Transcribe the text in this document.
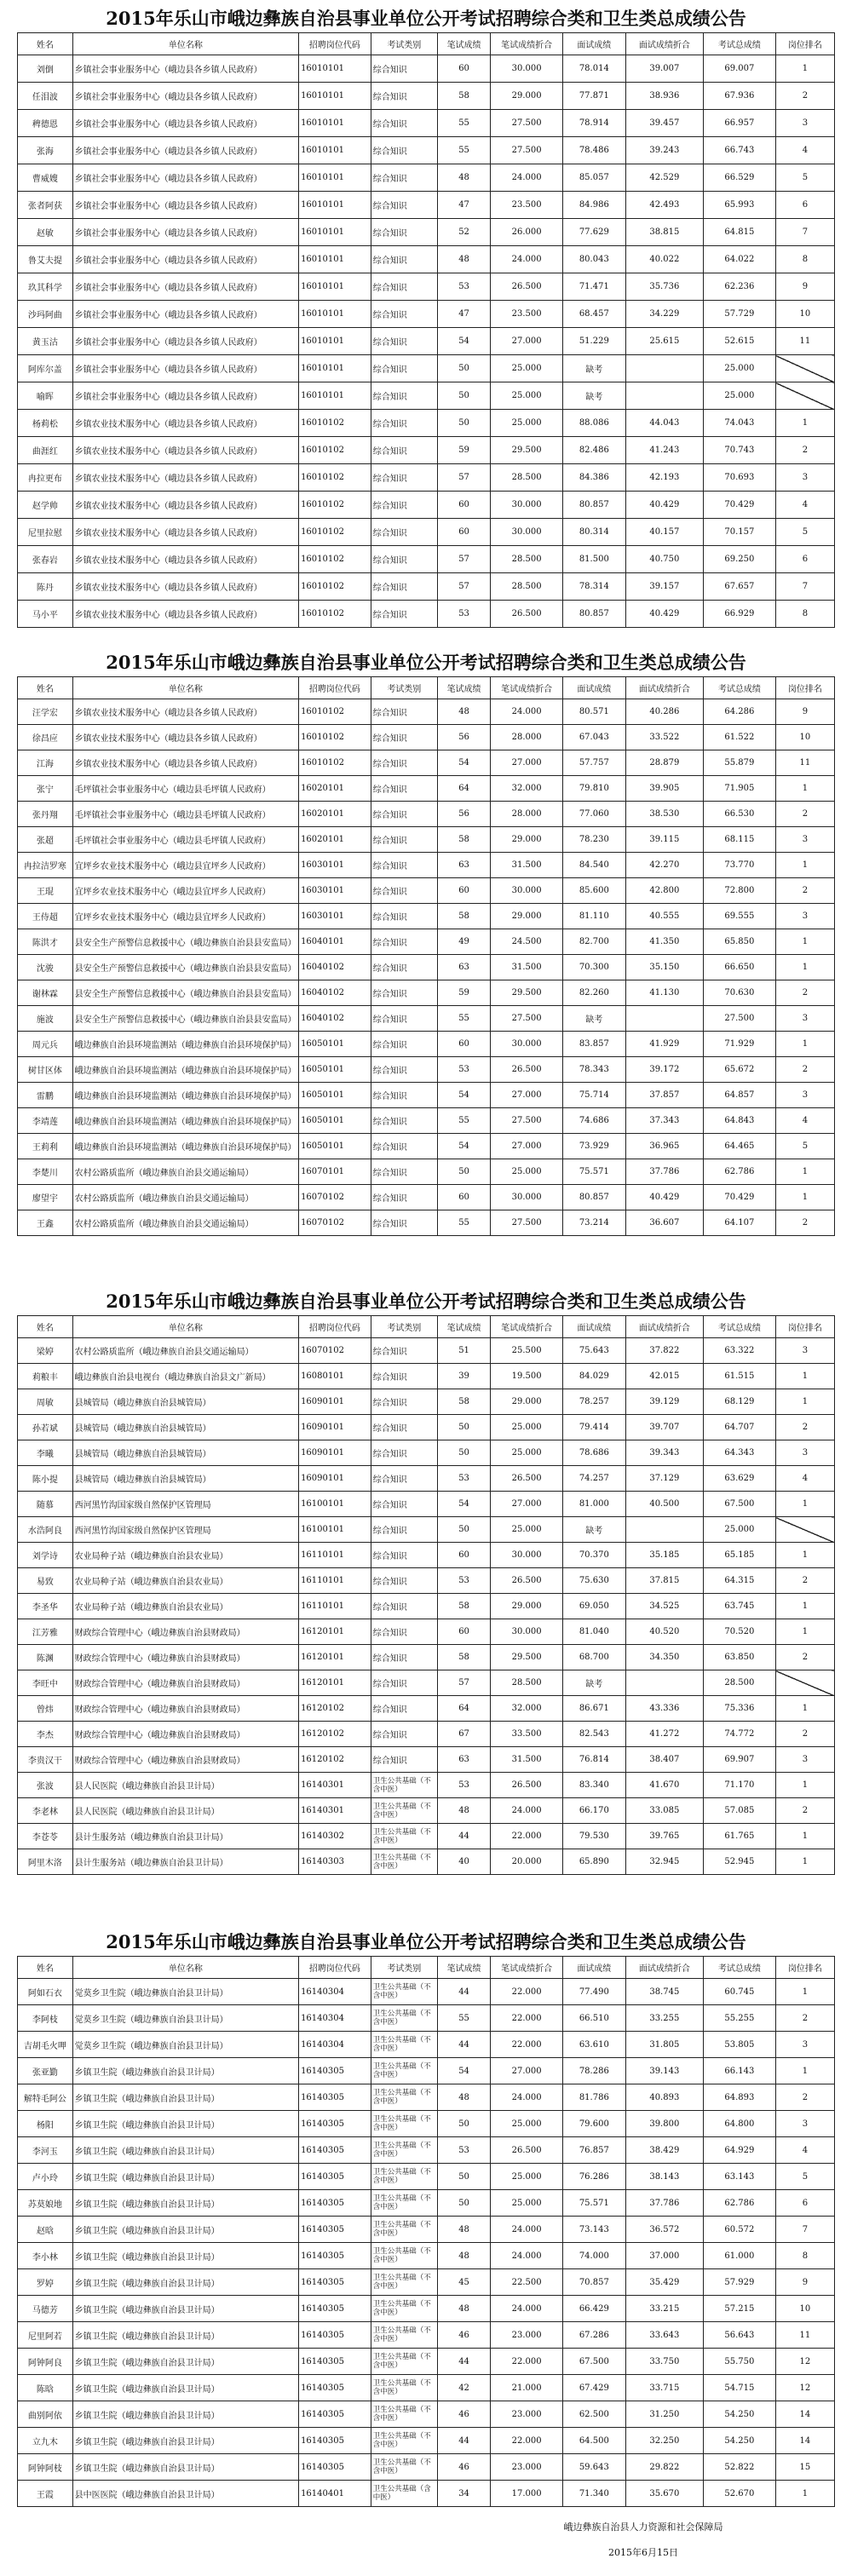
2015年乐山市峨边彝族自治县事业单位公开考试招聘综合类和卫生类总成绩公告
姓名	单位名称	招聘岗位代码	考试类别	笔试成绩	笔试成绩折合	面试成绩	面试成绩折合	考试总成绩	岗位排名
刘倒	乡镇社会事业服务中心（峨边县各乡镇人民政府）	16010101	综合知识	60	30.000	78.014	39.007	69.007	1
任泪波	乡镇社会事业服务中心（峨边县各乡镇人民政府）	16010101	综合知识	58	29.000	77.871	38.936	67.936	2
稗德恩	乡镇社会事业服务中心（峨边县各乡镇人民政府）	16010101	综合知识	55	27.500	78.914	39.457	66.957	3
张海	乡镇社会事业服务中心（峨边县各乡镇人民政府）	16010101	综合知识	55	27.500	78.486	39.243	66.743	4
曹威嫂	乡镇社会事业服务中心（峨边县各乡镇人民政府）	16010101	综合知识	48	24.000	85.057	42.529	66.529	5
张者阿获	乡镇社会事业服务中心（峨边县各乡镇人民政府）	16010101	综合知识	47	23.500	84.986	42.493	65.993	6
赵敏	乡镇社会事业服务中心（峨边县各乡镇人民政府）	16010101	综合知识	52	26.000	77.629	38.815	64.815	7
鲁艾夫提	乡镇社会事业服务中心（峨边县各乡镇人民政府）	16010101	综合知识	48	24.000	80.043	40.022	64.022	8
玖其科学	乡镇社会事业服务中心（峨边县各乡镇人民政府）	16010101	综合知识	53	26.500	71.471	35.736	62.236	9
沙玛阿曲	乡镇社会事业服务中心（峨边县各乡镇人民政府）	16010101	综合知识	47	23.500	68.457	34.229	57.729	10
黄玉沽	乡镇社会事业服务中心（峨边县各乡镇人民政府）	16010101	综合知识	54	27.000	51.229	25.615	52.615	11
阿库尔盖	乡镇社会事业服务中心（峨边县各乡镇人民政府）	16010101	综合知识	50	25.000	缺考		25.000	
喻晖	乡镇社会事业服务中心（峨边县各乡镇人民政府）	16010101	综合知识	50	25.000	缺考		25.000	
杨莉松	乡镇农业技术服务中心（峨边县各乡镇人民政府）	16010102	综合知识	50	25.000	88.086	44.043	74.043	1
曲涯红	乡镇农业技术服务中心（峨边县各乡镇人民政府）	16010102	综合知识	59	29.500	82.486	41.243	70.743	2
冉拉更布	乡镇农业技术服务中心（峨边县各乡镇人民政府）	16010102	综合知识	57	28.500	84.386	42.193	70.693	3
赵学帅	乡镇农业技术服务中心（峨边县各乡镇人民政府）	16010102	综合知识	60	30.000	80.857	40.429	70.429	4
尼里拉慰	乡镇农业技术服务中心（峨边县各乡镇人民政府）	16010102	综合知识	60	30.000	80.314	40.157	70.157	5
张春岩	乡镇农业技术服务中心（峨边县各乡镇人民政府）	16010102	综合知识	57	28.500	81.500	40.750	69.250	6
陈丹	乡镇农业技术服务中心（峨边县各乡镇人民政府）	16010102	综合知识	57	28.500	78.314	39.157	67.657	7
马小平	乡镇农业技术服务中心（峨边县各乡镇人民政府）	16010102	综合知识	53	26.500	80.857	40.429	66.929	8
2015年乐山市峨边彝族自治县事业单位公开考试招聘综合类和卫生类总成绩公告
姓名	单位名称	招聘岗位代码	考试类别	笔试成绩	笔试成绩折合	面试成绩	面试成绩折合	考试总成绩	岗位排名
汪学宏	乡镇农业技术服务中心（峨边县各乡镇人民政府）	16010102	综合知识	48	24.000	80.571	40.286	64.286	9
徐昌应	乡镇农业技术服务中心（峨边县各乡镇人民政府）	16010102	综合知识	56	28.000	67.043	33.522	61.522	10
江海	乡镇农业技术服务中心（峨边县各乡镇人民政府）	16010102	综合知识	54	27.000	57.757	28.879	55.879	11
张宁	毛坪镇社会事业服务中心（峨边县毛坪镇人民政府）	16020101	综合知识	64	32.000	79.810	39.905	71.905	1
张丹翔	毛坪镇社会事业服务中心（峨边县毛坪镇人民政府）	16020101	综合知识	56	28.000	77.060	38.530	66.530	2
张超	毛坪镇社会事业服务中心（峨边县毛坪镇人民政府）	16020101	综合知识	58	29.000	78.230	39.115	68.115	3
冉拉洁罗寒	宜坪乡农业技术服务中心（峨边县宜坪乡人民政府）	16030101	综合知识	63	31.500	84.540	42.270	73.770	1
王琨	宜坪乡农业技术服务中心（峨边县宜坪乡人民政府）	16030101	综合知识	60	30.000	85.600	42.800	72.800	2
王侍超	宜坪乡农业技术服务中心（峨边县宜坪乡人民政府）	16030101	综合知识	58	29.000	81.110	40.555	69.555	3
陈洪才	县安全生产预警信息救援中心（峨边彝族自治县县安监局）	16040101	综合知识	49	24.500	82.700	41.350	65.850	1
沈骏	县安全生产预警信息救援中心（峨边彝族自治县县安监局）	16040102	综合知识	63	31.500	70.300	35.150	66.650	1
谢林霖	县安全生产预警信息救援中心（峨边彝族自治县县安监局）	16040102	综合知识	59	29.500	82.260	41.130	70.630	2
施波	县安全生产预警信息救援中心（峨边彝族自治县县安监局）	16040102	综合知识	55	27.500	缺考		27.500	3
周元兵	峨边彝族自治县环境监测站（峨边彝族自治县环境保护局）	16050101	综合知识	60	30.000	83.857	41.929	71.929	1
树甘区体	峨边彝族自治县环境监测站（峨边彝族自治县环境保护局）	16050101	综合知识	53	26.500	78.343	39.172	65.672	2
雷鹏	峨边彝族自治县环境监测站（峨边彝族自治县环境保护局）	16050101	综合知识	54	27.000	75.714	37.857	64.857	3
李靖莲	峨边彝族自治县环境监测站（峨边彝族自治县环境保护局）	16050101	综合知识	55	27.500	74.686	37.343	64.843	4
王莉利	峨边彝族自治县环境监测站（峨边彝族自治县环境保护局）	16050101	综合知识	54	27.000	73.929	36.965	64.465	5
李楚川	农村公路质监所（峨边彝族自治县交通运输局）	16070101	综合知识	50	25.000	75.571	37.786	62.786	1
廖望宇	农村公路质监所（峨边彝族自治县交通运输局）	16070102	综合知识	60	30.000	80.857	40.429	70.429	1
王鑫	农村公路质监所（峨边彝族自治县交通运输局）	16070102	综合知识	55	27.500	73.214	36.607	64.107	2
2015年乐山市峨边彝族自治县事业单位公开考试招聘综合类和卫生类总成绩公告
姓名	单位名称	招聘岗位代码	考试类别	笔试成绩	笔试成绩折合	面试成绩	面试成绩折合	考试总成绩	岗位排名
梁婷	农村公路质监所（峨边彝族自治县交通运输局）	16070102	综合知识	51	25.500	75.643	37.822	63.322	3
莉粮丰	峨边彝族自治县电视台（峨边彝族自治县文广新局）	16080101	综合知识	39	19.500	84.029	42.015	61.515	1
周敏	县城管局（峨边彝族自治县城管局）	16090101	综合知识	58	29.000	78.257	39.129	68.129	1
孙若斌	县城管局（峨边彝族自治县城管局）	16090101	综合知识	50	25.000	79.414	39.707	64.707	2
李曦	县城管局（峨边彝族自治县城管局）	16090101	综合知识	50	25.000	78.686	39.343	64.343	3
陈小提	县城管局（峨边彝族自治县城管局）	16090101	综合知识	53	26.500	74.257	37.129	63.629	4
随慕	西河黑竹沟国家级自然保护区管理局	16100101	综合知识	54	27.000	81.000	40.500	67.500	1
水浩阿良	西河黑竹沟国家级自然保护区管理局	16100101	综合知识	50	25.000	缺考		25.000	
刘学诗	农业局种子站（峨边彝族自治县农业局）	16110101	综合知识	60	30.000	70.370	35.185	65.185	1
易致	农业局种子站（峨边彝族自治县农业局）	16110101	综合知识	53	26.500	75.630	37.815	64.315	2
李圣华	农业局种子站（峨边彝族自治县农业局）	16110101	综合知识	58	29.000	69.050	34.525	63.745	1
江芳雅	财政综合管理中心（峨边彝族自治县财政局）	16120101	综合知识	60	30.000	81.040	40.520	70.520	1
陈渊	财政综合管理中心（峨边彝族自治县财政局）	16120101	综合知识	58	29.500	68.700	34.350	63.850	2
李旺中	财政综合管理中心（峨边彝族自治县财政局）	16120101	综合知识	57	28.500	缺考		28.500	
曾炜	财政综合管理中心（峨边彝族自治县财政局）	16120102	综合知识	64	32.000	86.671	43.336	75.336	1
李杰	财政综合管理中心（峨边彝族自治县财政局）	16120102	综合知识	67	33.500	82.543	41.272	74.772	2
李贵汉干	财政综合管理中心（峨边彝族自治县财政局）	16120102	综合知识	63	31.500	76.814	38.407	69.907	3
张波	县人民医院（峨边彝族自治县卫计局）	16140301	卫生公共基础（不含中医）	53	26.500	83.340	41.670	71.170	1
李老林	县人民医院（峨边彝族自治县卫计局）	16140301	卫生公共基础（不含中医）	48	24.000	66.170	33.085	57.085	2
李苍苓	县计生服务站（峨边彝族自治县卫计局）	16140302	卫生公共基础（不含中医）	44	22.000	79.530	39.765	61.765	1
阿里木洛	县计生服务站（峨边彝族自治县卫计局）	16140303	卫生公共基础（不含中医）	40	20.000	65.890	32.945	52.945	1
2015年乐山市峨边彝族自治县事业单位公开考试招聘综合类和卫生类总成绩公告
姓名	单位名称	招聘岗位代码	考试类别	笔试成绩	笔试成绩折合	面试成绩	面试成绩折合	考试总成绩	岗位排名
阿如石衣	觉莫乡卫生院（峨边彝族自治县卫计局）	16140304	卫生公共基础（不含中医）	44	22.000	77.490	38.745	60.745	1
李阿枝	觉莫乡卫生院（峨边彝族自治县卫计局）	16140304	卫生公共基础（不含中医）	55	22.000	66.510	33.255	55.255	2
吉胡毛火呷	觉莫乡卫生院（峨边彝族自治县卫计局）	16140304	卫生公共基础（不含中医）	44	22.000	63.610	31.805	53.805	3
张亚勤	乡镇卫生院（峨边彝族自治县卫计局）	16140305	卫生公共基础（不含中医）	54	27.000	78.286	39.143	66.143	1
解特毛阿公	乡镇卫生院（峨边彝族自治县卫计局）	16140305	卫生公共基础（不含中医）	48	24.000	81.786	40.893	64.893	2
杨阳	乡镇卫生院（峨边彝族自治县卫计局）	16140305	卫生公共基础（不含中医）	50	25.000	79.600	39.800	64.800	3
李河玉	乡镇卫生院（峨边彝族自治县卫计局）	16140305	卫生公共基础（不含中医）	53	26.500	76.857	38.429	64.929	4
卢小玲	乡镇卫生院（峨边彝族自治县卫计局）	16140305	卫生公共基础（不含中医）	50	25.000	76.286	38.143	63.143	5
苏莫娘地	乡镇卫生院（峨边彝族自治县卫计局）	16140305	卫生公共基础（不含中医）	50	25.000	75.571	37.786	62.786	6
赵晗	乡镇卫生院（峨边彝族自治县卫计局）	16140305	卫生公共基础（不含中医）	48	24.000	73.143	36.572	60.572	7
李小林	乡镇卫生院（峨边彝族自治县卫计局）	16140305	卫生公共基础（不含中医）	48	24.000	74.000	37.000	61.000	8
罗婷	乡镇卫生院（峨边彝族自治县卫计局）	16140305	卫生公共基础（不含中医）	45	22.500	70.857	35.429	57.929	9
马德芳	乡镇卫生院（峨边彝族自治县卫计局）	16140305	卫生公共基础（不含中医）	48	24.000	66.429	33.215	57.215	10
尼里阿若	乡镇卫生院（峨边彝族自治县卫计局）	16140305	卫生公共基础（不含中医）	46	23.000	67.286	33.643	56.643	11
阿钟阿良	乡镇卫生院（峨边彝族自治县卫计局）	16140305	卫生公共基础（不含中医）	44	22.000	67.500	33.750	55.750	12
陈晗	乡镇卫生院（峨边彝族自治县卫计局）	16140305	卫生公共基础（不含中医）	42	21.000	67.429	33.715	54.715	12
曲别阿依	乡镇卫生院（峨边彝族自治县卫计局）	16140305	卫生公共基础（不含中医）	46	23.000	62.500	31.250	54.250	14
立九木	乡镇卫生院（峨边彝族自治县卫计局）	16140305	卫生公共基础（不含中医）	44	22.000	64.500	32.250	54.250	14
阿钟阿枝	乡镇卫生院（峨边彝族自治县卫计局）	16140305	卫生公共基础（不含中医）	46	23.000	59.643	29.822	52.822	15
王霞	县中医医院（峨边彝族自治县卫计局）	16140401	卫生公共基础（含中医）	34	17.000	71.340	35.670	52.670	1
峨边彝族自治县人力资源和社会保障局
2015年6月15日
